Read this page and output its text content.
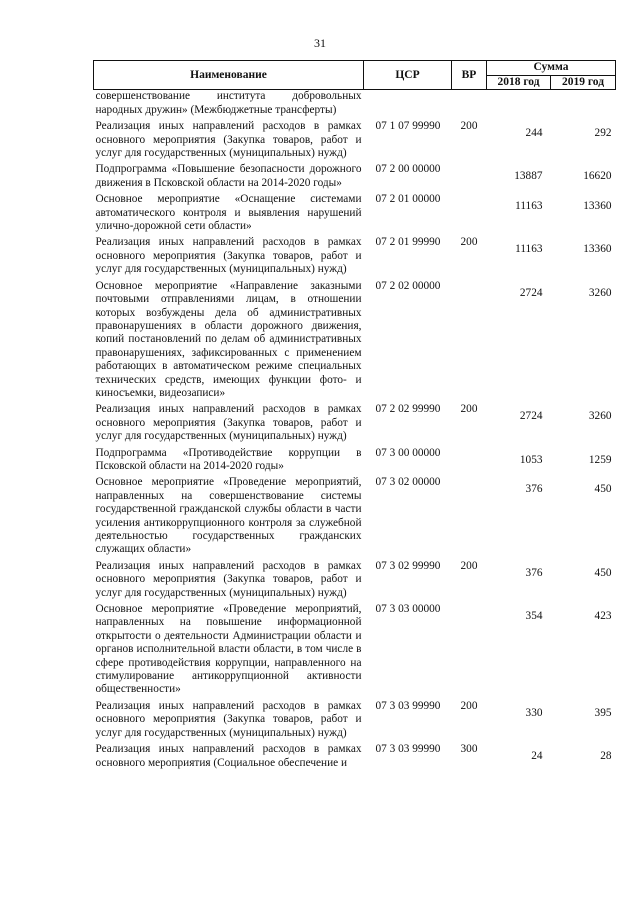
31
Наименование	ЦСР	ВР	Сумма	
			2018 год	2019 год
совершенствование института добровольных народных дружин» (Межбюджетные трансферты)				
Реализация иных направлений расходов в рамках основного мероприятия (Закупка товаров, работ и услуг для государственных (муниципальных) нужд)	07 1 07 99990	200	244	292
Подпрограмма «Повышение безопасности дорожного движения в Псковской области на 2014-2020 годы»	07 2 00 00000		13887	16620
Основное мероприятие «Оснащение системами автоматического контроля и выявления нарушений улично-дорожной сети области»	07 2 01 00000		11163	13360
Реализация иных направлений расходов в рамках основного мероприятия (Закупка товаров, работ и услуг для государственных (муниципальных) нужд)	07 2 01 99990	200	11163	13360
Основное мероприятие «Направление заказными почтовыми отправлениями лицам, в отношении которых возбуждены дела об административных правонарушениях в области дорожного движения, копий постановлений по делам об административных правонарушениях, зафиксированных с применением работающих в автоматическом режиме специальных технических средств, имеющих функции фото- и киносъемки, видеозаписи»	07 2 02 00000		2724	3260
Реализация иных направлений расходов в рамках основного мероприятия (Закупка товаров, работ и услуг для государственных (муниципальных) нужд)	07 2 02 99990	200	2724	3260
Подпрограмма «Противодействие коррупции в Псковской области на 2014-2020 годы»	07 3 00 00000		1053	1259
Основное мероприятие «Проведение мероприятий, направленных на совершенствование системы государственной гражданской службы области в части усиления антикоррупционного контроля за служебной деятельностью государственных гражданских служащих области»	07 3 02 00000		376	450
Реализация иных направлений расходов в рамках основного мероприятия (Закупка товаров, работ и услуг для государственных (муниципальных) нужд)	07 3 02 99990	200	376	450
Основное мероприятие «Проведение мероприятий, направленных на повышение информационной открытости о деятельности Администрации области и органов исполнительной власти области, в том числе в сфере противодействия коррупции, направленного на стимулирование антикоррупционной активности общественности»	07 3 03 00000		354	423
Реализация иных направлений расходов в рамках основного мероприятия (Закупка товаров, работ и услуг для государственных (муниципальных) нужд)	07 3 03 99990	200	330	395
Реализация иных направлений расходов в рамках основного мероприятия (Социальное обеспечение и	07 3 03 99990	300	24	28
